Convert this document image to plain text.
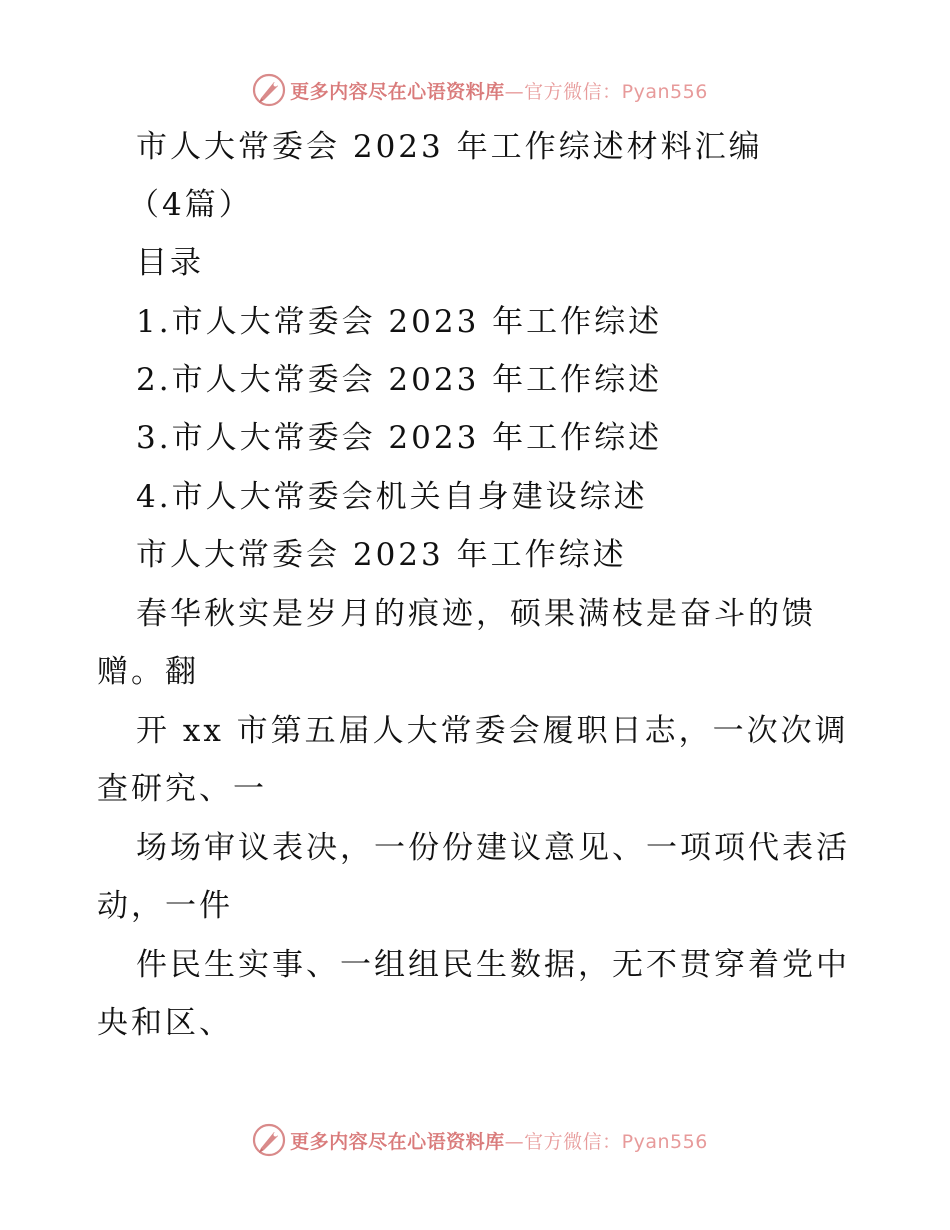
更多内容尽在心语资料库—官方微信：Pyan556
市人大常委会 2023 年工作综述材料汇编
（4篇）
目录
1.市人大常委会 2023 年工作综述
2.市人大常委会 2023 年工作综述
3.市人大常委会 2023 年工作综述
4.市人大常委会机关自身建设综述
市人大常委会 2023 年工作综述
春华秋实是岁月的痕迹，硕果满枝是奋斗的馈
赠。翻
开 xx 市第五届人大常委会履职日志，一次次调
查研究、一
场场审议表决，一份份建议意见、一项项代表活
动，一件
件民生实事、一组组民生数据，无不贯穿着党中
央和区、
更多内容尽在心语资料库—官方微信：Pyan556
